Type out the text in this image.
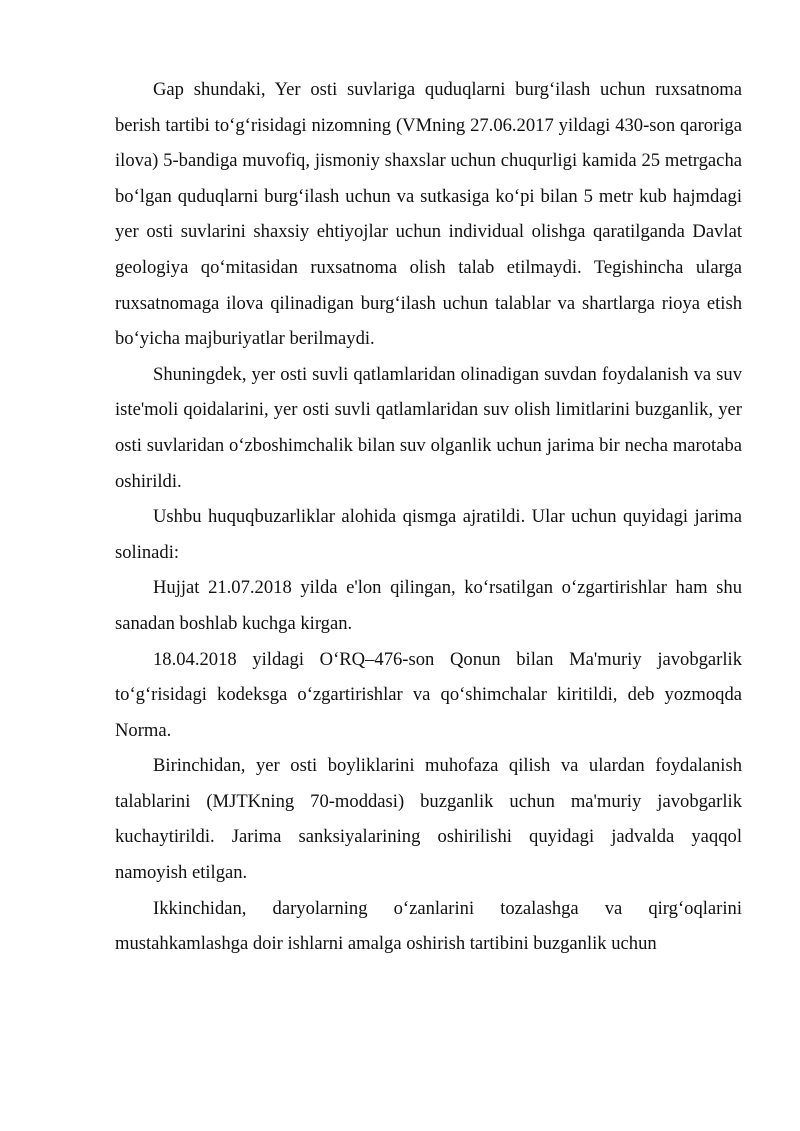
Gap shundaki, Yer osti suvlariga quduqlarni burg‘ilash uchun ruxsatnoma berish tartibi to‘g‘risidagi nizomning (VMning 27.06.2017 yildagi 430-son qaroriga ilova) 5-bandiga muvofiq, jismoniy shaxslar uchun chuqurligi kamida 25 metrgacha bo‘lgan quduqlarni burg‘ilash uchun va sutkasiga ko‘pi bilan 5 metr kub hajmdagi yer osti suvlarini shaxsiy ehtiyojlar uchun individual olishga qaratilganda Davlat geologiya qo‘mitasidan ruxsatnoma olish talab etilmaydi. Tegishincha ularga ruxsatnomaga ilova qilinadigan burg‘ilash uchun talablar va shartlarga rioya etish bo‘yicha majburiyatlar berilmaydi.

Shuningdek, yer osti suvli qatlamlaridan olinadigan suvdan foydalanish va suv iste'moli qoidalarini, yer osti suvli qatlamlaridan suv olish limitlarini buzganlik, yer osti suvlaridan o‘zboshimchalik bilan suv olganlik uchun jarima bir necha marotaba oshirildi.

Ushbu huquqbuzarliklar alohida qismga ajratildi. Ular uchun quyidagi jarima solinadi:

Hujjat 21.07.2018 yilda e'lon qilingan, ko‘rsatilgan o‘zgartirishlar ham shu sanadan boshlab kuchga kirgan.

18.04.2018 yildagi O‘RQ–476-son Qonun bilan Ma'muriy javobgarlik to‘g‘risidagi kodeksga o‘zgartirishlar va qo‘shimchalar kiritildi, deb yozmoqda Norma.

Birinchidan, yer osti boyliklarini muhofaza qilish va ulardan foydalanish talablarini (MJTKning 70-moddasi) buzganlik uchun ma'muriy javobgarlik kuchaytirildi. Jarima sanksiyalarining oshirilishi quyidagi jadvalda yaqqol namoyish etilgan.

Ikkinchidan, daryolarning o‘zanlarini tozalashga va qirg‘oqlarini mustahkamlashga doir ishlarni amalga oshirish tartibini buzganlik uchun
